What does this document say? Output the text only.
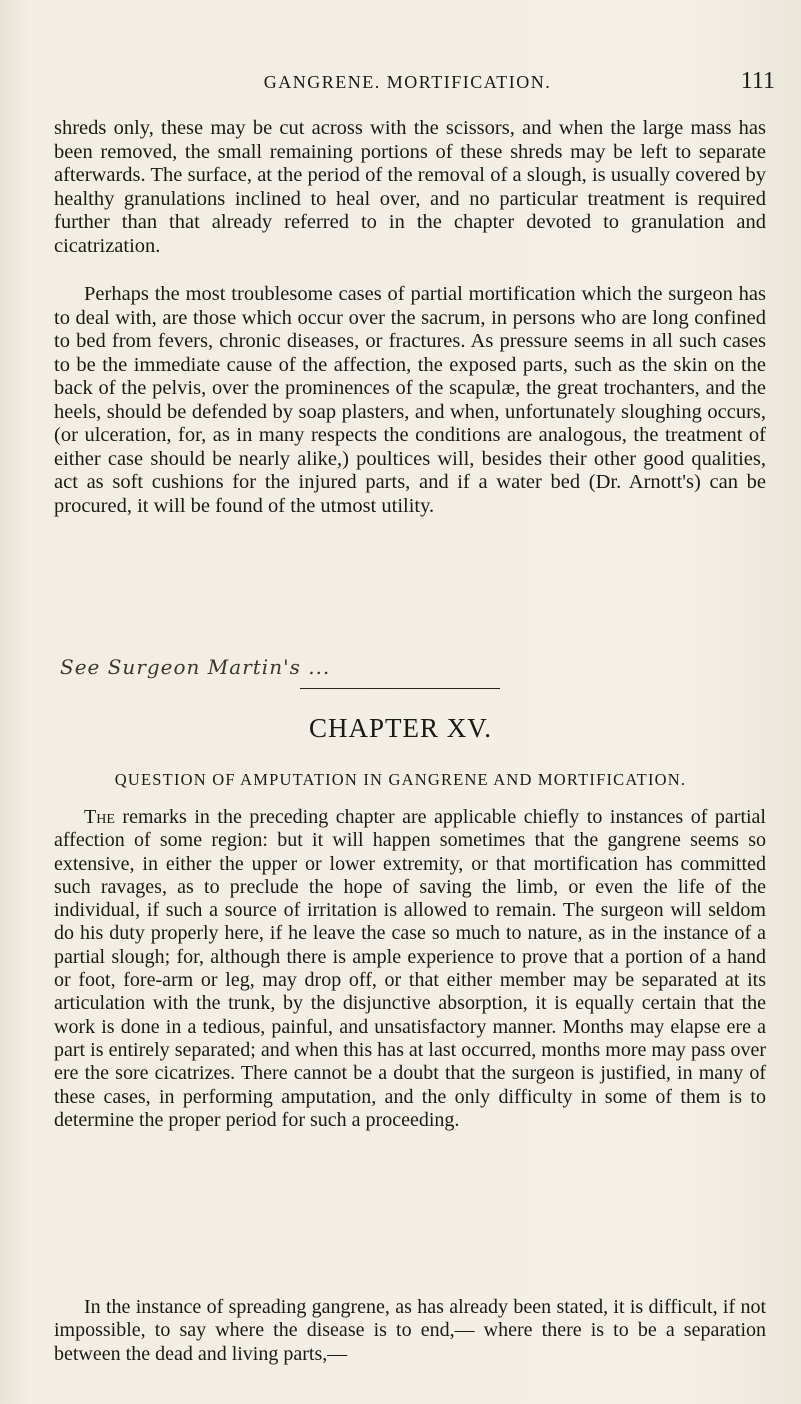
GANGRENE. MORTIFICATION.	111

shreds only, these may be cut across with the scissors, and when the large mass has been removed, the small remaining portions of these shreds may be left to separate afterwards. The surface, at the period of the removal of a slough, is usually covered by healthy granulations inclined to heal over, and no particular treatment is required further than that already referred to in the chapter devoted to granulation and cicatrization.

Perhaps the most troublesome cases of partial mortification which the surgeon has to deal with, are those which occur over the sacrum, in persons who are long confined to bed from fevers, chronic diseases, or fractures. As pressure seems in all such cases to be the immediate cause of the affection, the exposed parts, such as the skin on the back of the pelvis, over the prominences of the scapulæ, the great trochanters, and the heels, should be defended by soap plasters, and when, unfortunately sloughing occurs, (or ulceration, for, as in many respects the conditions are analogous, the treatment of either case should be nearly alike,) poultices will, besides their other good qualities, act as soft cushions for the injured parts, and if a water bed (Dr. Arnott's) can be procured, it will be found of the utmost utility.

See Surgeon Martin's ...
CHAPTER XV.
QUESTION OF AMPUTATION IN GANGRENE AND MORTIFICATION.

The remarks in the preceding chapter are applicable chiefly to instances of partial affection of some region: but it will happen sometimes that the gangrene seems so extensive, in either the upper or lower extremity, or that mortification has committed such ravages, as to preclude the hope of saving the limb, or even the life of the individual, if such a source of irritation is allowed to remain. The surgeon will seldom do his duty properly here, if he leave the case so much to nature, as in the instance of a partial slough; for, although there is ample experience to prove that a portion of a hand or foot, fore-arm or leg, may drop off, or that either member may be separated at its articulation with the trunk, by the disjunctive absorption, it is equally certain that the work is done in a tedious, painful, and unsatisfactory manner. Months may elapse ere a part is entirely separated; and when this has at last occurred, months more may pass over ere the sore cicatrizes. There cannot be a doubt that the surgeon is justified, in many of these cases, in performing amputation, and the only difficulty in some of them is to determine the proper period for such a proceeding.

In the instance of spreading gangrene, as has already been stated, it is difficult, if not impossible, to say where the disease is to end,— where there is to be a separation between the dead and living parts,—
